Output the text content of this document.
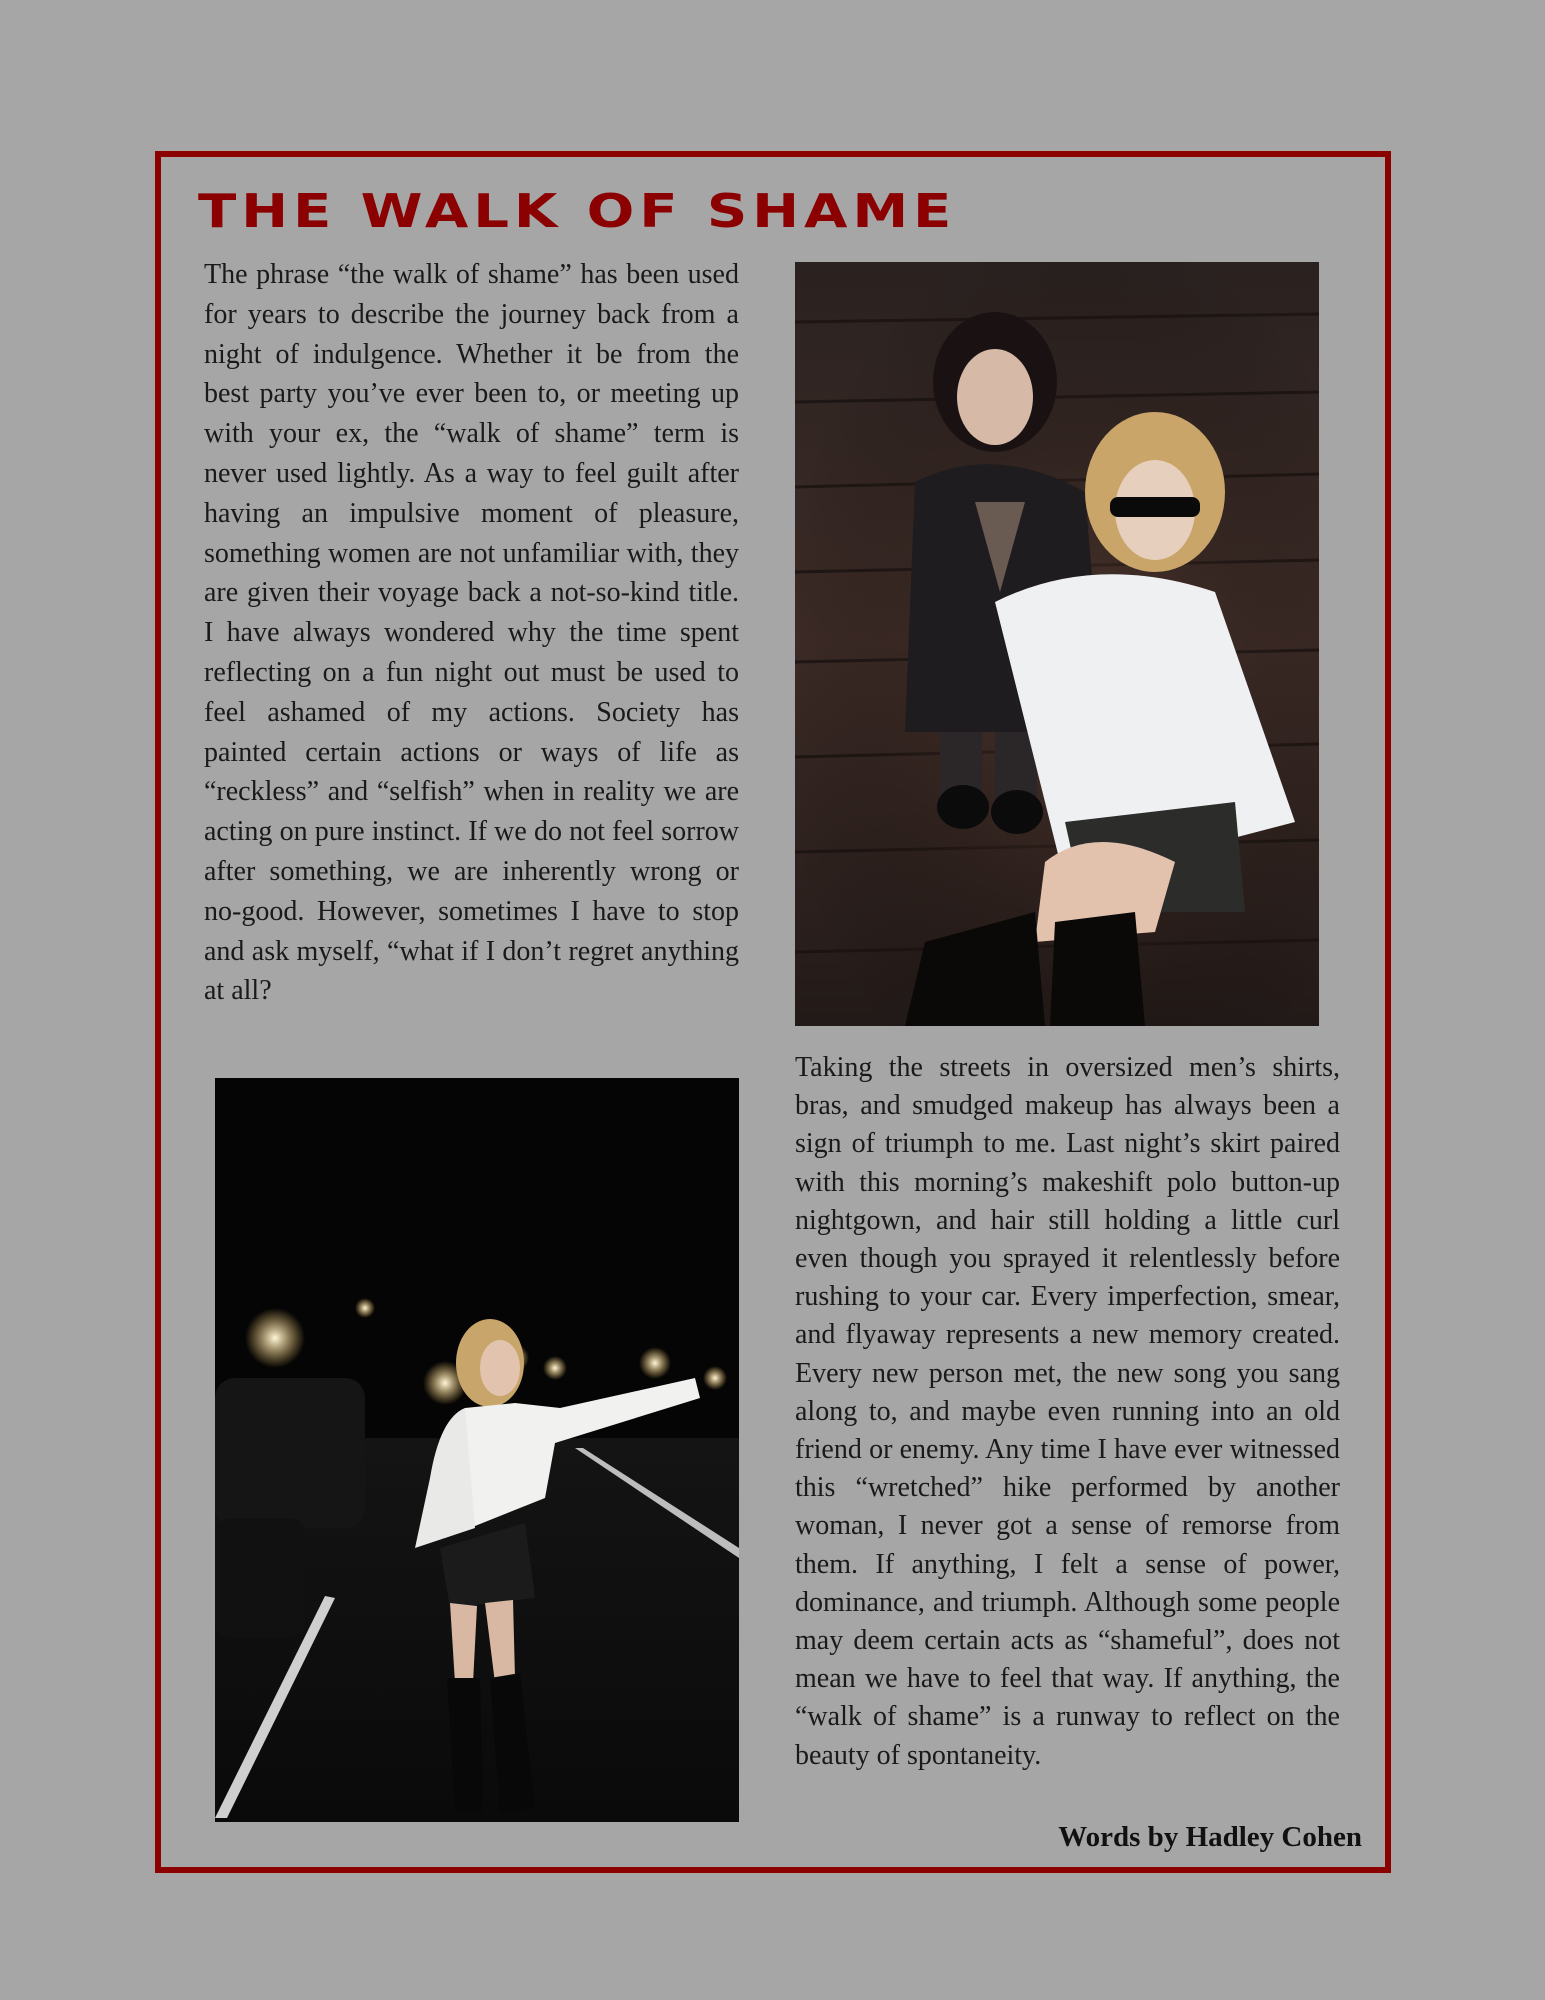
THE WALK OF SHAME

The phrase “the walk of shame” has been used for years to describe the journey back from a night of indulgence. Whether it be from the best party you’ve ever been to, or meeting up with your ex, the “walk of shame” term is never used lightly. As a way to feel guilt after having an impulsive moment of pleasure, something women are not unfamiliar with, they are given their voyage back a not-so-kind title. I have always wondered why the time spent reflecting on a fun night out must be used to feel ashamed of my actions. Society has painted certain actions or ways of life as “reckless” and “selfish” when in reality we are acting on pure instinct. If we do not feel sorrow after something, we are inherently wrong or no-good. However, sometimes I have to stop and ask myself, “what if I don’t regret anything at all?

Taking the streets in oversized men’s shirts, bras, and smudged makeup has always been a sign of triumph to me. Last night’s skirt paired with this morning’s makeshift polo button-up nightgown, and hair still holding a little curl even though you sprayed it relentlessly before rushing to your car. Every imperfection, smear, and flyaway represents a new memory created. Every new person met, the new song you sang along to, and maybe even running into an old friend or enemy. Any time I have ever witnessed this “wretched” hike performed by another woman, I never got a sense of remorse from them. If anything, I felt a sense of power, dominance, and triumph. Although some people may deem certain acts as “shameful”, does not mean we have to feel that way. If anything, the “walk of shame” is a runway to reflect on the beauty of spontaneity.

Words by Hadley Cohen
